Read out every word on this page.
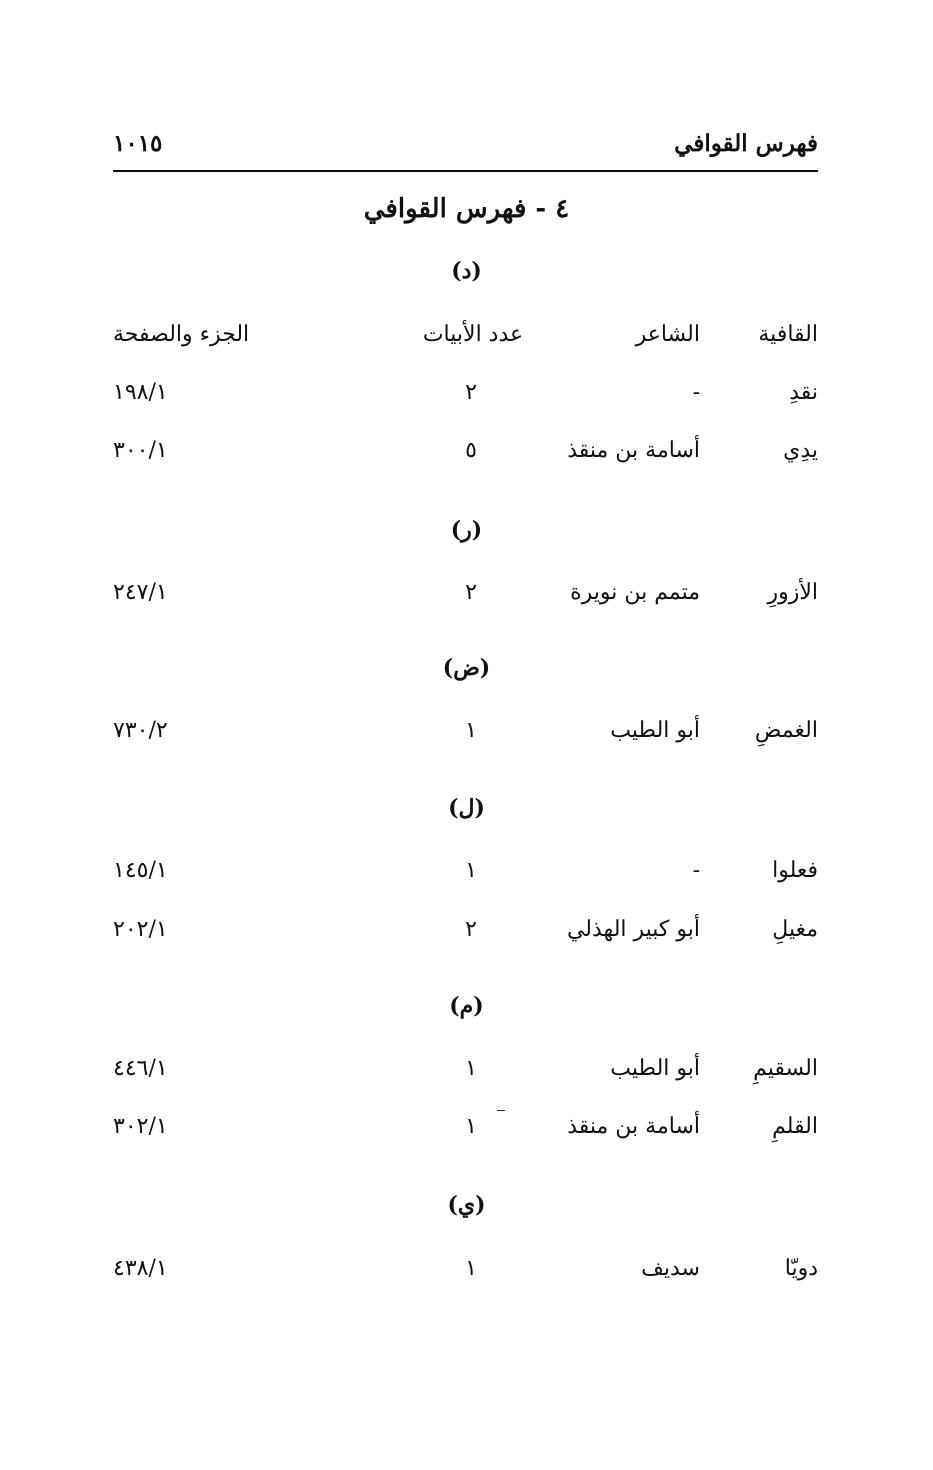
فهرس القوافي
١٠١٥
٤ - فهرس القوافي
(د)
القافية
الشاعر
عدد الأبيات
الجزء والصفحة
نقدِ
-
٢
١٩٨/١
يدِي
أسامة بن منقذ
٥
٣٠٠/١
(ر)
الأزورِ
متمم بن نويرة
٢
٢٤٧/١
(ض)
الغمضِ
أبو الطيب
١
٧٣٠/٢
(ل)
فعلوا
-
١
١٤٥/١
مغيلِ
أبو كبير الهذلي
٢
٢٠٢/١
(م)
السقيمِ
أبو الطيب
١
٤٤٦/١
القلمِ
أسامة بن منقذ
١
٣٠٢/١
(ي)
دويّا
سديف
١
٤٣٨/١
